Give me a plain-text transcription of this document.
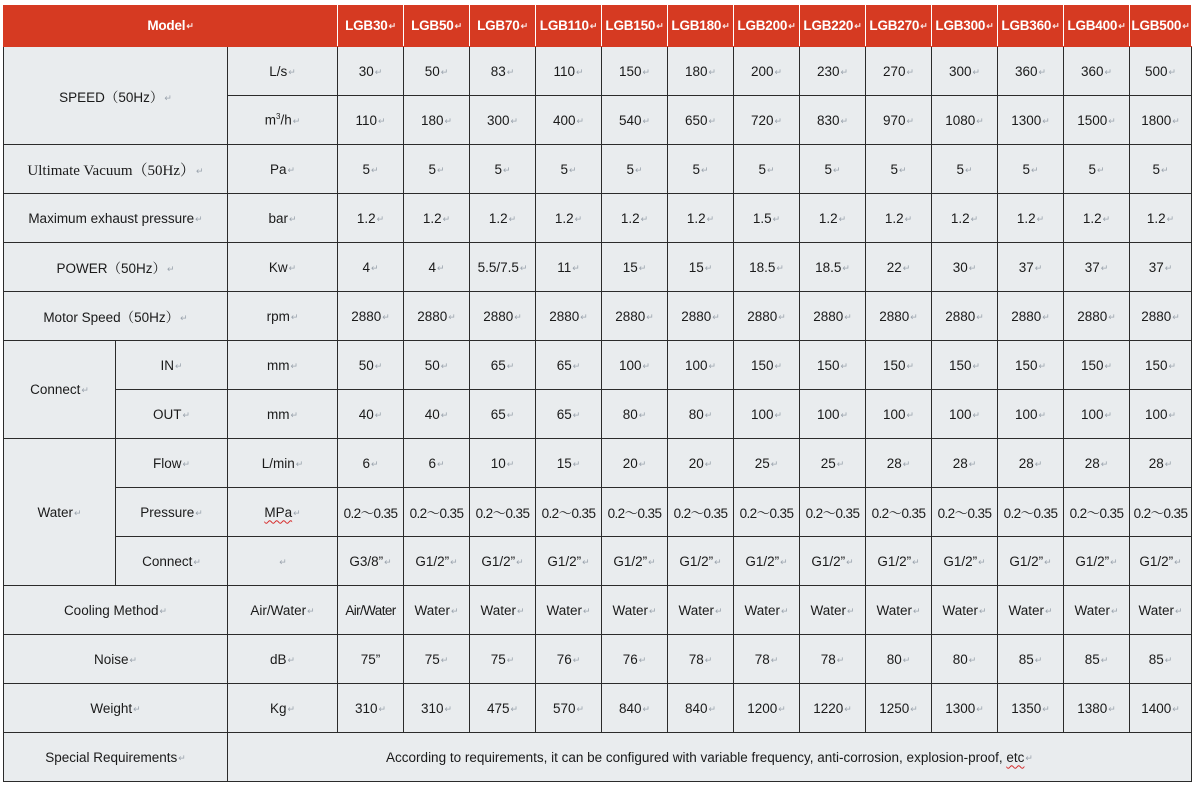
Model↵			LGB30↵	LGB50↵	LGB70↵	LGB110↵	LGB150↵	LGB180↵	LGB200↵	LGB220↵	LGB270↵	LGB300↵	LGB360↵	LGB400↵	LGB500↵
SPEED（50Hz）↵		L/s↵	30↵	50↵	83↵	110↵	150↵	180↵	200↵	230↵	270↵	300↵	360↵	360↵	500↵
		$m^3/h↵$	110↵	180↵	300↵	400↵	540↵	650↵	720↵	830↵	970↵	1080↵	1300↵	1500↵	1800↵
Ultimate Vacuum（50Hz）↵		Pa↵	5↵	5↵	5↵	5↵	5↵	5↵	5↵	5↵	5↵	5↵	5↵	5↵	5↵
Maximum exhaust pressure↵		bar↵	1.2↵	1.2↵	1.2↵	1.2↵	1.2↵	1.2↵	1.5↵	1.2↵	1.2↵	1.2↵	1.2↵	1.2↵	1.2↵
POWER（50Hz）↵		Kw↵	4↵	4↵	5.5/7.5↵	11↵	15↵	15↵	18.5↵	18.5↵	22↵	30↵	37↵	37↵	37↵
Motor Speed（50Hz）↵		rpm↵	2880↵	2880↵	2880↵	2880↵	2880↵	2880↵	2880↵	2880↵	2880↵	2880↵	2880↵	2880↵	2880↵
Connect↵	IN↵	mm↵	50↵	50↵	65↵	65↵	100↵	100↵	150↵	150↵	150↵	150↵	150↵	150↵	150↵
	OUT↵	mm↵	40↵	40↵	65↵	65↵	80↵	80↵	100↵	100↵	100↵	100↵	100↵	100↵	100↵
Water↵	Flow↵	L/min↵	6↵	6↵	10↵	15↵	20↵	20↵	25↵	25↵	28↵	28↵	28↵	28↵	28↵
	Pressure↵	MPa↵	0.2～0.35	0.2～0.35	0.2～0.35	0.2～0.35	0.2～0.35	0.2～0.35	0.2～0.35	0.2～0.35	0.2～0.35	0.2～0.35	0.2～0.35	0.2～0.35	0.2～0.35
	Connect↵	↵	G3/8”↵	G1/2”↵	G1/2”↵	G1/2”↵	G1/2”↵	G1/2”↵	G1/2”↵	G1/2”↵	G1/2”↵	G1/2”↵	G1/2”↵	G1/2”↵	G1/2”↵
Cooling Method↵		Air/Water↵	Air/Water	Water↵	Water↵	Water↵	Water↵	Water↵	Water↵	Water↵	Water↵	Water↵	Water↵	Water↵	Water↵
Noise↵		dB↵	75”	75↵	75↵	76↵	76↵	78↵	78↵	78↵	80↵	80↵	85↵	85↵	85↵
Weight↵		Kg↵	310↵	310↵	475↵	570↵	840↵	840↵	1200↵	1220↵	1250↵	1300↵	1350↵	1380↵	1400↵
Special Requirements↵		According to requirements, it can be configured with variable frequency, anti-corrosion, explosion-proof, etc↵													
